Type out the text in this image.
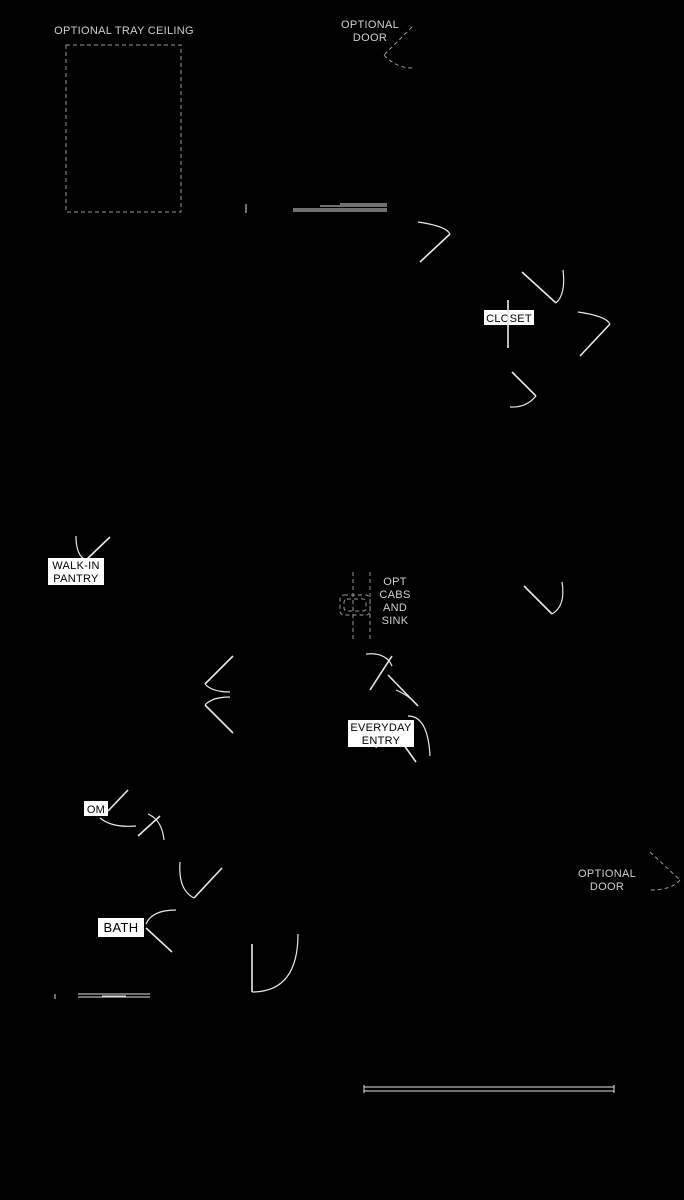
OPTIONAL TRAY CEILING	OPTIONAL
DOOR
CLOSET
WALK-IN
PANTRY	OPT
CABS
AND
SINK
EVERYDAY
ENTRY
OM
BATH
OPTIONAL
DOOR
